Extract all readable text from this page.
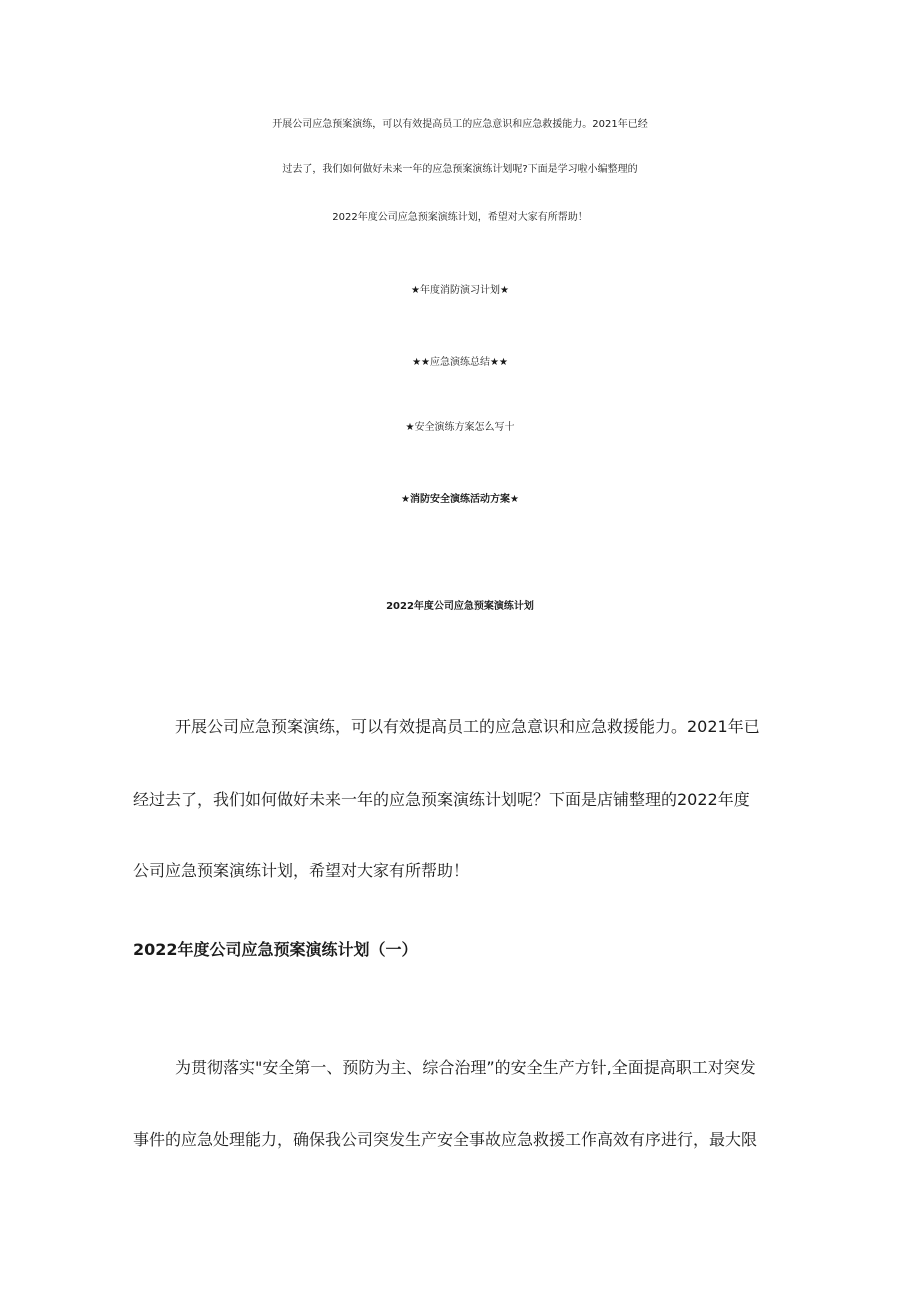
开展公司应急预案演练，可以有效提高员工的应急意识和应急救援能力。2021年已经
过去了，我们如何做好未来一年的应急预案演练计划呢?下面是学习啦小编整理的
2022年度公司应急预案演练计划，希望对大家有所帮助！
★年度消防演习计划★
★★应急演练总结★★
★安全演练方案怎么写十
★消防安全演练活动方案★
2022年度公司应急预案演练计划
开展公司应急预案演练，可以有效提高员工的应急意识和应急救援能力。2021年已
经过去了，我们如何做好未来一年的应急预案演练计划呢？下面是店铺整理的2022年度
公司应急预案演练计划，希望对大家有所帮助！
2022年度公司应急预案演练计划（一）
为贯彻落实"安全第一、预防为主、综合治理”的安全生产方针,全面提高职工对突发
事件的应急处理能力，确保我公司突发生产安全事故应急救援工作高效有序进行，最大限
